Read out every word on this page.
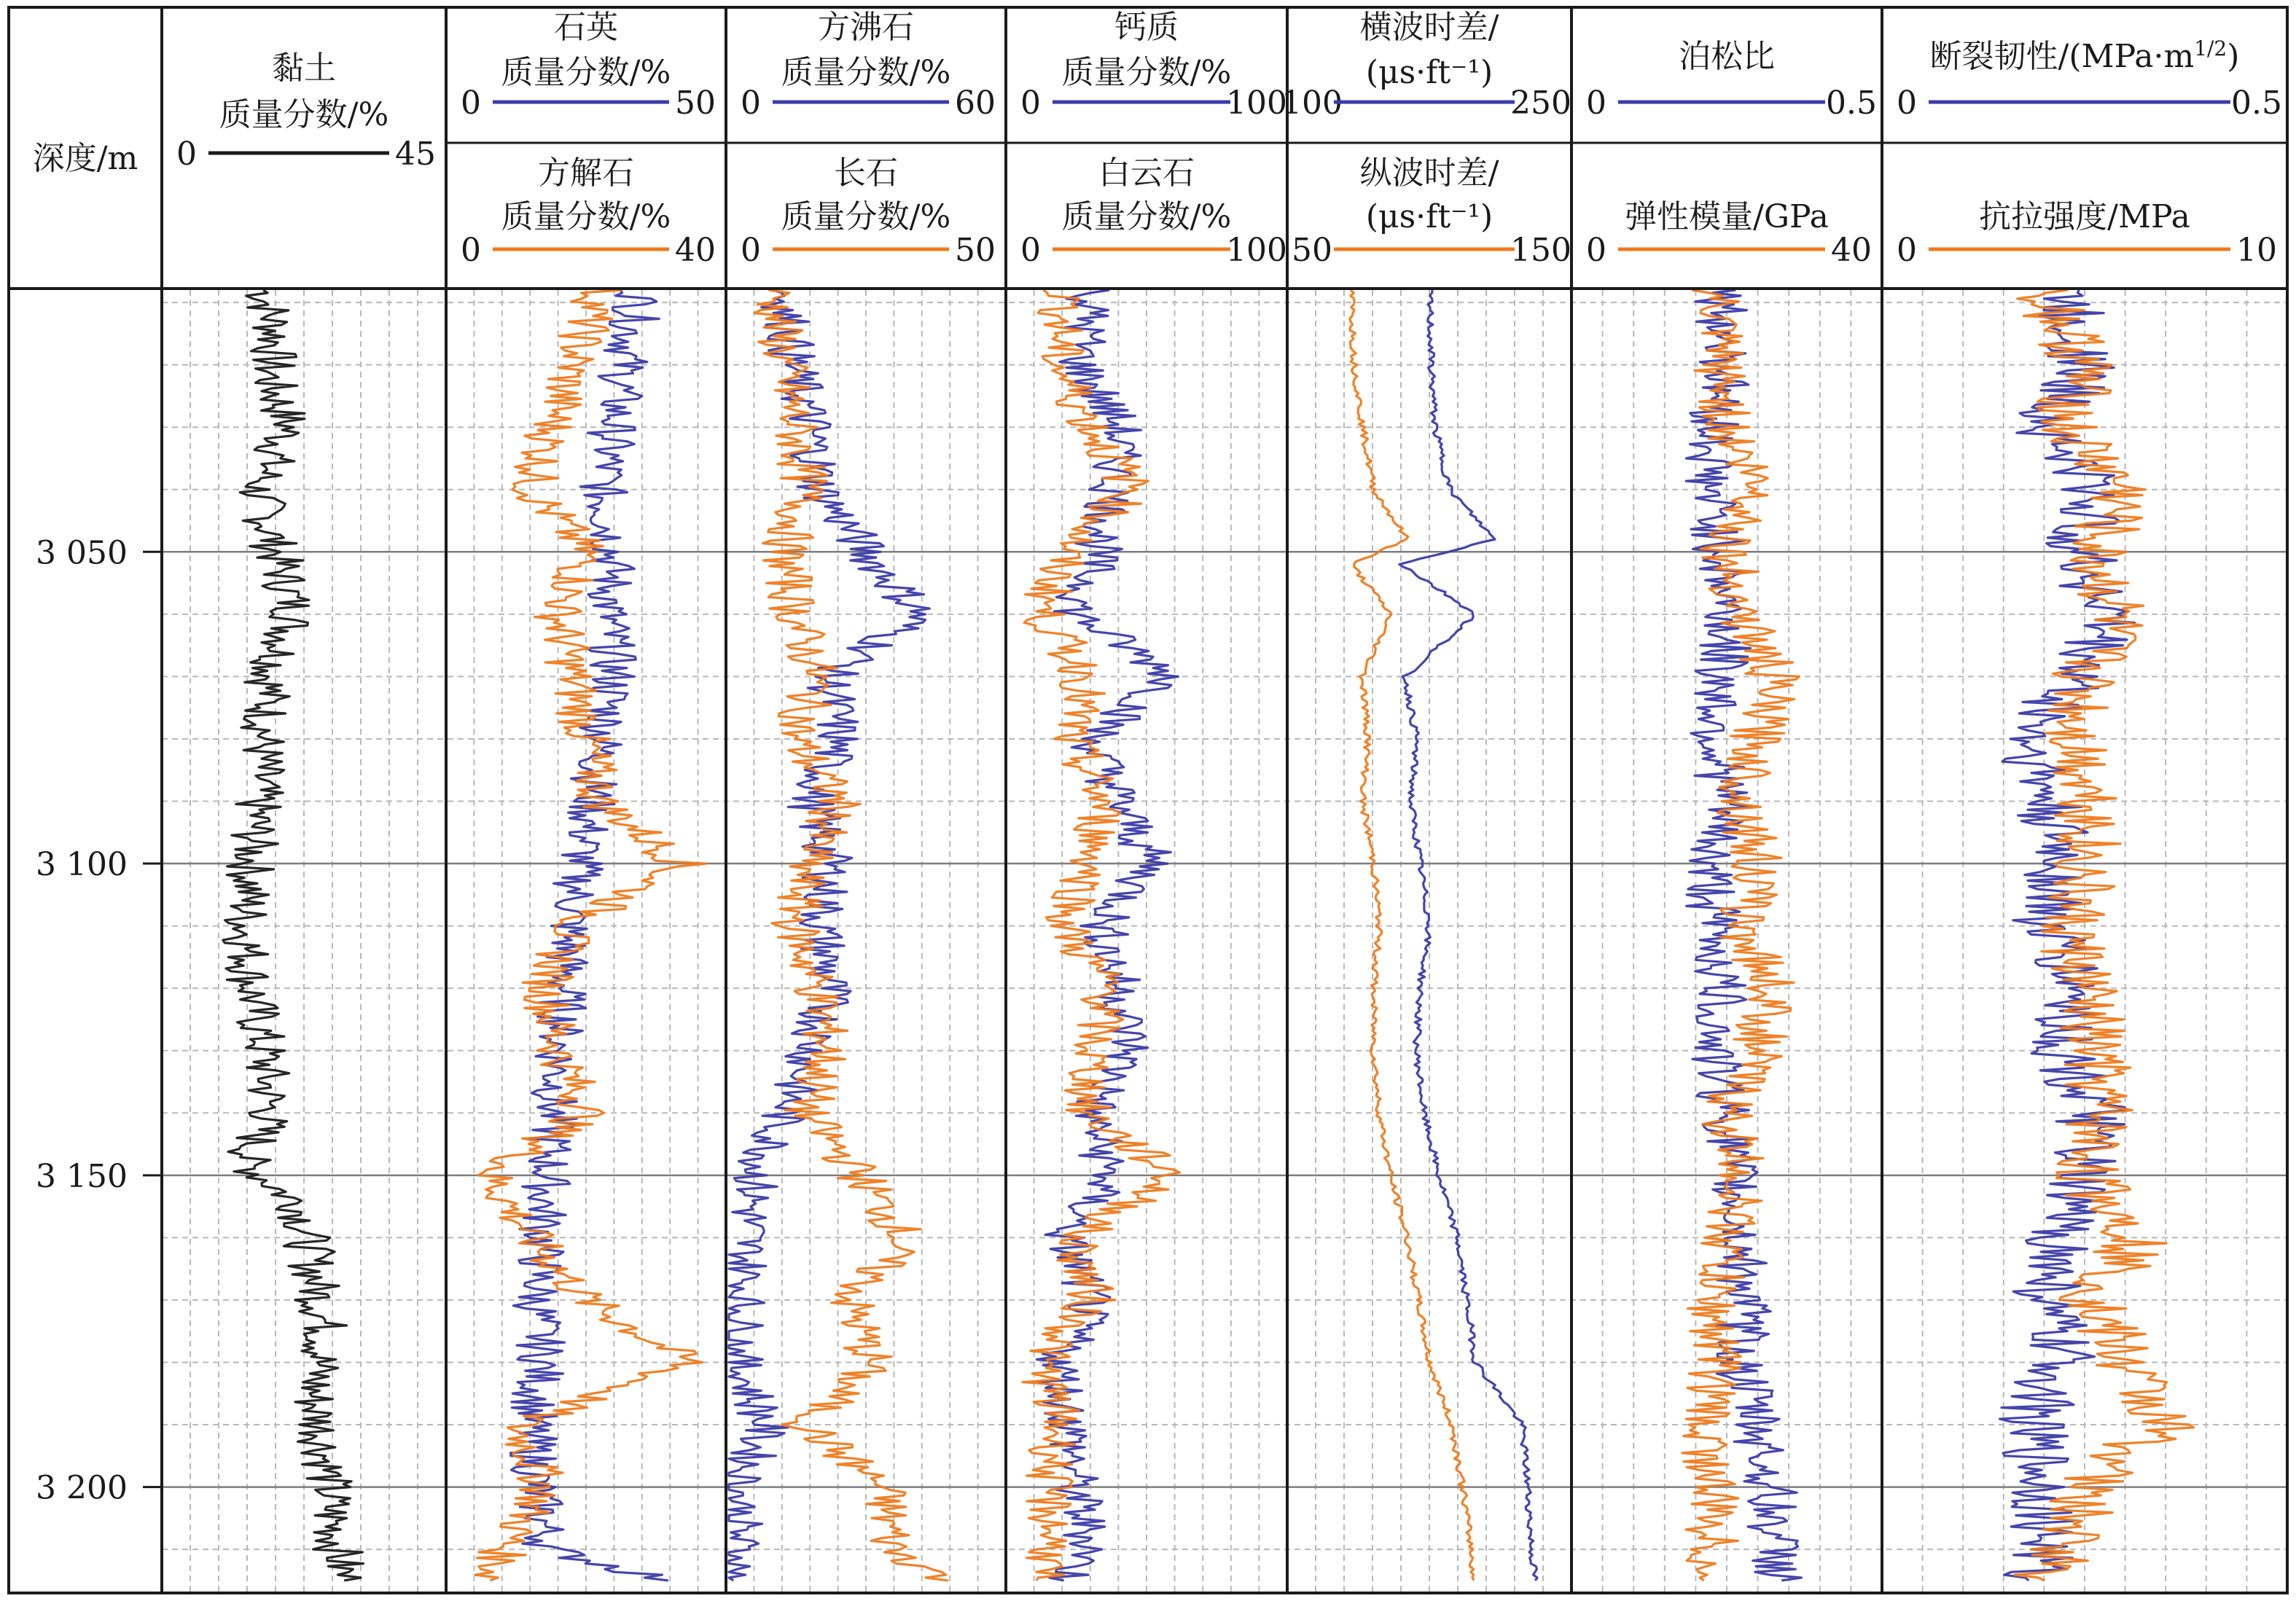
深度/m
3 050
3 100
3 150
3 200
黏土
质量分数/%
0	45
石英
质量分数/%
0	50
方解石
质量分数/%
0	40
方沸石
质量分数/%
0	60
长石
质量分数/%
0	50
钙质
质量分数/%
0	100
白云石
质量分数/%
0	100
横波时差/
(μs·ft⁻¹)
100	250
纵波时差/
(μs·ft⁻¹)
50	150
泊松比
0	0.5
弹性模量/GPa
0	40
断裂韧性$/(MPa\cdot m^{1/2})$
0	0.5
抗拉强度/MPa
0	10
